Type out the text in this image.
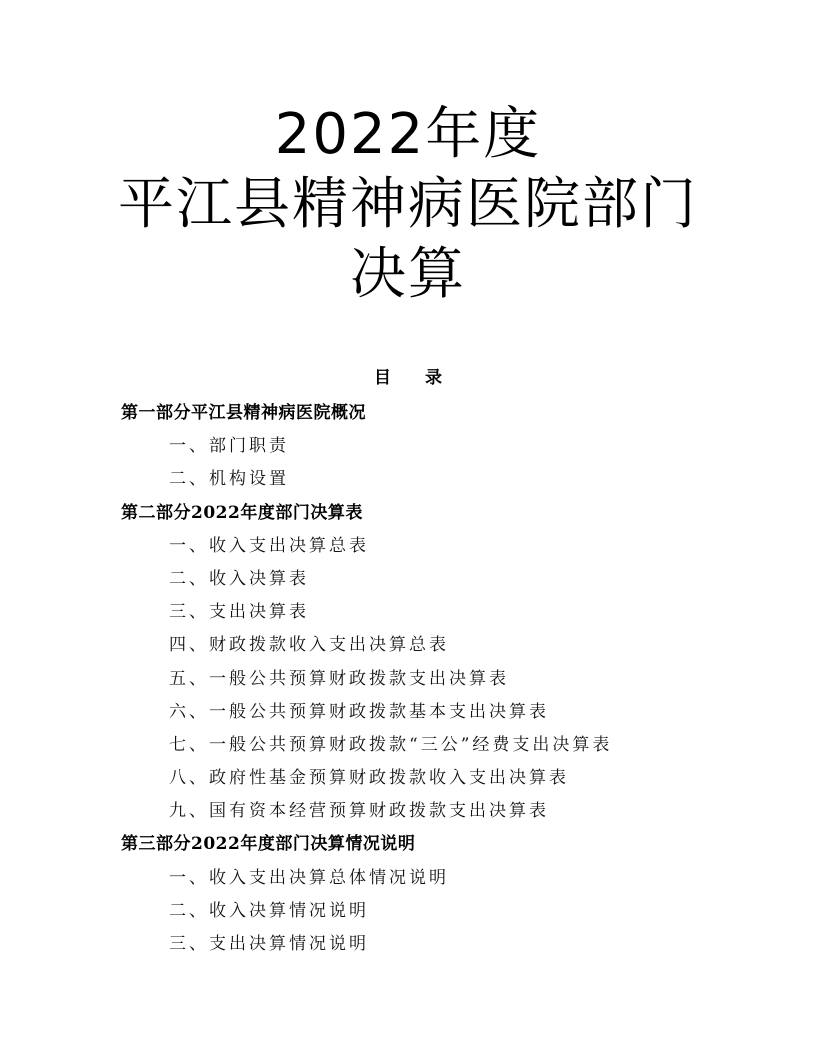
2022年度
平江县精神病医院部门
决算
目 录
第一部分平江县精神病医院概况
一、部门职责
二、机构设置
第二部分2022年度部门决算表
一、收入支出决算总表
二、收入决算表
三、支出决算表
四、财政拨款收入支出决算总表
五、一般公共预算财政拨款支出决算表
六、一般公共预算财政拨款基本支出决算表
七、一般公共预算财政拨款“三公”经费支出决算表
八、政府性基金预算财政拨款收入支出决算表
九、国有资本经营预算财政拨款支出决算表
第三部分2022年度部门决算情况说明
一、收入支出决算总体情况说明
二、收入决算情况说明
三、支出决算情况说明
